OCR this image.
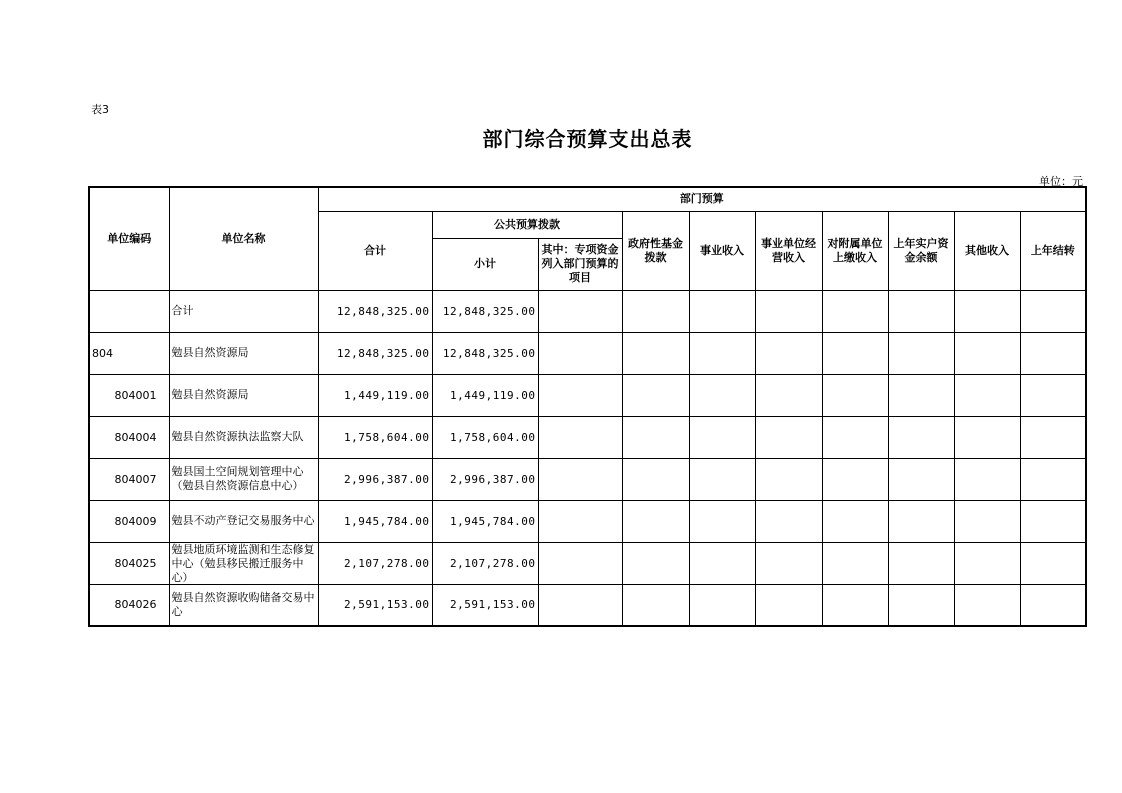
表3
部门综合预算支出总表
单位：元
单位编码	单位名称	部门预算									
		合计	公共预算拨款		政府性基金拨款	事业收入	事业单位经营收入	对附属单位上缴收入	上年实户资金余额	其他收入	上年结转
			小计	其中：专项资金列入部门预算的项目							

	合计	12,848,325.00	12,848,325.00								
804	勉县自然资源局	12,848,325.00	12,848,325.00								
804001	勉县自然资源局	1,449,119.00	1,449,119.00								
804004	勉县自然资源执法监察大队	1,758,604.00	1,758,604.00								
804007	勉县国土空间规划管理中心（勉县自然资源信息中心）	2,996,387.00	2,996,387.00								
804009	勉县不动产登记交易服务中心	1,945,784.00	1,945,784.00								
804025	勉县地质环境监测和生态修复中心（勉县移民搬迁服务中心）	2,107,278.00	2,107,278.00								
804026	勉县自然资源收购储备交易中心	2,591,153.00	2,591,153.00								
